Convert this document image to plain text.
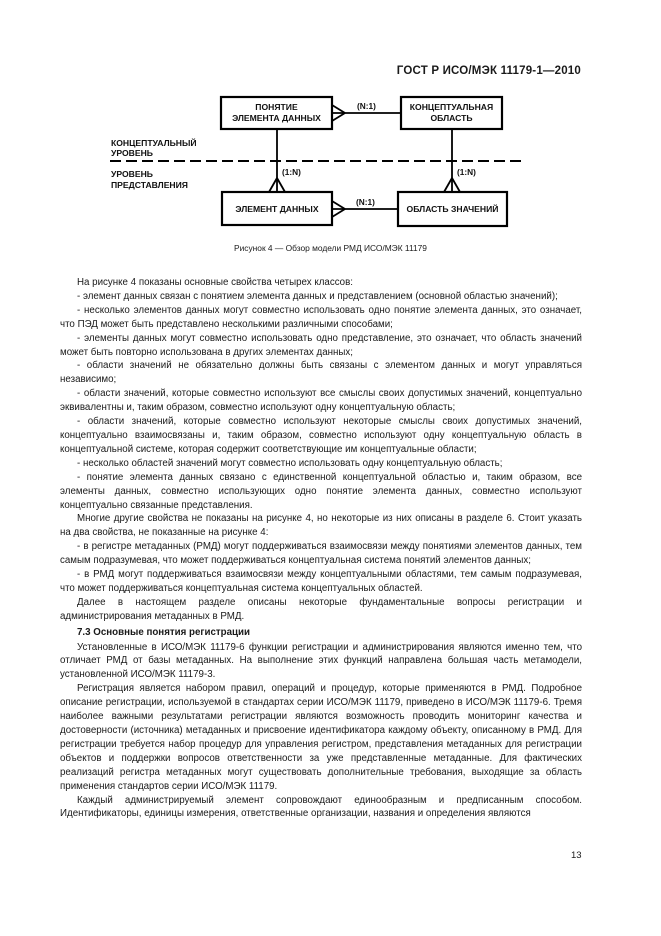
ГОСТ Р ИСО/МЭК 11179-1—2010
ПОНЯТИЕ
ЭЛЕМЕНТА ДАННЫХ
КОНЦЕПТУАЛЬНАЯ
ОБЛАСТЬ
ЭЛЕМЕНТ ДАННЫХ	ОБЛАСТЬ ЗНАЧЕНИЙ
КОНЦЕПТУАЛЬНЫЙ
УРОВЕНЬ
УРОВЕНЬ
ПРЕДСТАВЛЕНИЯ
(N:1)
(1:N)	(1:N)
(N:1)
Рисунок 4 — Обзор модели РМД ИСО/МЭК 11179

На рисунке 4 показаны основные свойства четырех классов:

- элемент данных связан с понятием элемента данных и представлением (основной областью значений);

- несколько элементов данных могут совместно использовать одно понятие элемента данных, это означает, что ПЭД может быть представлено несколькими различными способами;

- элементы данных могут совместно использовать одно представление, это означает, что область значений может быть повторно использована в других элементах данных;

- области значений не обязательно должны быть связаны с элементом данных и могут управляться независимо;

- области значений, которые совместно используют все смыслы своих допустимых значений, концептуально эквивалентны и, таким образом, совместно используют одну концептуальную область;

- области значений, которые совместно используют некоторые смыслы своих допустимых значений, концептуально взаимосвязаны и, таким образом, совместно используют одну концептуальную область в концептуальной системе, которая содержит соответствующие им концептуальные области;

- несколько областей значений могут совместно использовать одну концептуальную область;

- понятие элемента данных связано с единственной концептуальной областью и, таким образом, все элементы данных, совместно использующих одно понятие элемента данных, совместно используют концептуально связанные представления.

Многие другие свойства не показаны на рисунке 4, но некоторые из них описаны в разделе 6. Стоит указать на два свойства, не показанные на рисунке 4:

- в регистре метаданных (РМД) могут поддерживаться взаимосвязи между понятиями элементов данных, тем самым подразумевая, что может поддерживаться концептуальная система понятий элементов данных;

- в РМД могут поддерживаться взаимосвязи между концептуальными областями, тем самым подразумевая, что может поддерживаться концептуальная система концептуальных областей.

Далее в настоящем разделе описаны некоторые фундаментальные вопросы регистрации и администрирования метаданных в РМД.

7.3 Основные понятия регистрации

Установленные в ИСО/МЭК 11179-6 функции регистрации и администрирования являются именно тем, что отличает РМД от базы метаданных. На выполнение этих функций направлена большая часть метамодели, установленной ИСО/МЭК 11179-3.

Регистрация является набором правил, операций и процедур, которые применяются в РМД. Подробное описание регистрации, используемой в стандартах серии ИСО/МЭК 11179, приведено в ИСО/МЭК 11179-6. Тремя наиболее важными результатами регистрации являются возможность проводить мониторинг качества и достоверности (источника) метаданных и присвоение идентификатора каждому объекту, описанному в РМД. Для регистрации требуется набор процедур для управления регистром, представления метаданных для регистрации объектов и поддержки вопросов ответственности за уже представленные метаданные. Для фактических реализаций регистра метаданных могут существовать дополнительные требования, выходящие за область применения стандартов серии ИСО/МЭК 11179.

Каждый администрируемый элемент сопровождают единообразным и предписанным способом. Идентификаторы, единицы измерения, ответственные организации, названия и определения являются

13
